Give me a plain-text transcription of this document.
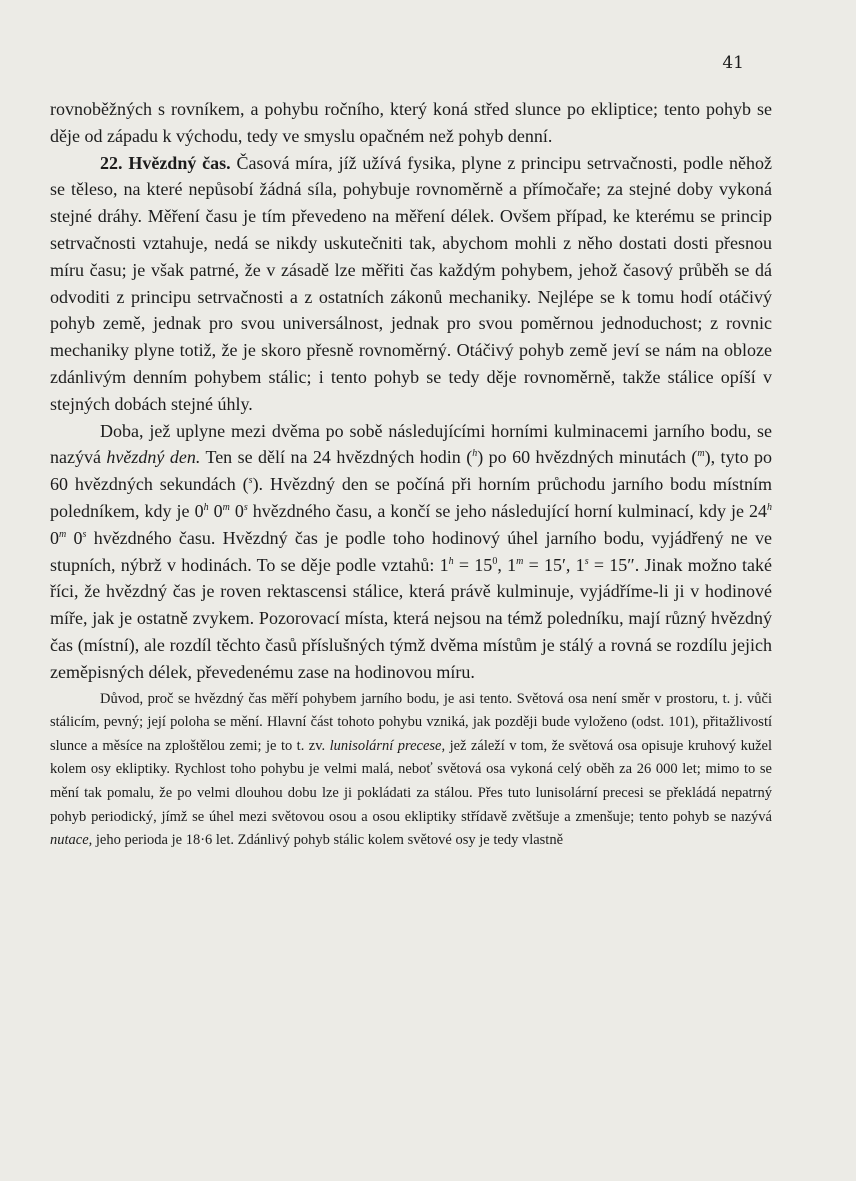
41

rovnoběžných s rovníkem, a pohybu ročního, který koná střed slunce po ekliptice; tento pohyb se děje od západu k východu, tedy ve smyslu opačném než pohyb denní.

22. Hvězdný čas. Časová míra, jíž užívá fysika, plyne z principu setrvačnosti, podle něhož se těleso, na které nepůsobí žádná síla, pohybuje rovnoměrně a přímočaře; za stejné doby vykoná stejné dráhy. Měření času je tím převedeno na měření délek. Ovšem případ, ke kterému se princip setrvačnosti vztahuje, nedá se nikdy uskutečniti tak, abychom mohli z něho dostati dosti přesnou míru času; je však patrné, že v zásadě lze měřiti čas každým pohybem, jehož časový průběh se dá odvoditi z principu setrvačnosti a z ostatních zákonů mechaniky. Nejlépe se k tomu hodí otáčivý pohyb země, jednak pro svou universálnost, jednak pro svou poměrnou jednoduchost; z rovnic mechaniky plyne totiž, že je skoro přesně rovnoměrný. Otáčivý pohyb země jeví se nám na obloze zdánlivým denním pohybem stálic; i tento pohyb se tedy děje rovnoměrně, takže stálice opíší v stejných dobách stejné úhly.

Doba, jež uplyne mezi dvěma po sobě následujícími horními kulminacemi jarního bodu, se nazývá hvězdný den. Ten se dělí na 24 hvězdných hodin ($^h$) po 60 hvězdných minutách ($^m$), tyto po 60 hvězdných sekundách ($^s$). Hvězdný den se počíná při horním průchodu jarního bodu místním poledníkem, kdy je 0$^h$ 0$^m$ 0$^s$ hvězdného času, a končí se jeho následující horní kulminací, kdy je 24$^h$ 0$^m$ 0$^s$ hvězdného času. Hvězdný čas je podle toho hodinový úhel jarního bodu, vyjádřený ne ve stupních, nýbrž v hodinách. To se děje podle vztahů: $1^h = 15^0$, $1^m = 15'$, $1^s = 15''$. Jinak možno také říci, že hvězdný čas je roven rektascensi stálice, která právě kulminuje, vyjádříme-li ji v hodinové míře, jak je ostatně zvykem. Pozorovací místa, která nejsou na témž poledníku, mají různý hvězdný čas (místní), ale rozdíl těchto časů příslušných týmž dvěma místům je stálý a rovná se rozdílu jejich zeměpisných délek, převedenému zase na hodinovou míru.

Důvod, proč se hvězdný čas měří pohybem jarního bodu, je asi tento. Světová osa není směr v prostoru, t. j. vůči stálicím, pevný; její poloha se mění. Hlavní část tohoto pohybu vzniká, jak později bude vyloženo (odst. 101), přitažlivostí slunce a měsíce na zploštělou zemi; je to t. zv. lunisolární precese, jež záleží v tom, že světová osa opisuje kruhový kužel kolem osy ekliptiky. Rychlost toho pohybu je velmi malá, neboť světová osa vykoná celý oběh za 26 000 let; mimo to se mění tak pomalu, že po velmi dlouhou dobu lze ji pokládati za stálou. Přes tuto lunisolární precesi se překládá nepatrný pohyb periodický, jímž se úhel mezi světovou osou a osou ekliptiky střídavě zvětšuje a zmenšuje; tento pohyb se nazývá nutace, jeho perioda je 18·6 let. Zdánlivý pohyb stálic kolem světové osy je tedy vlastně
